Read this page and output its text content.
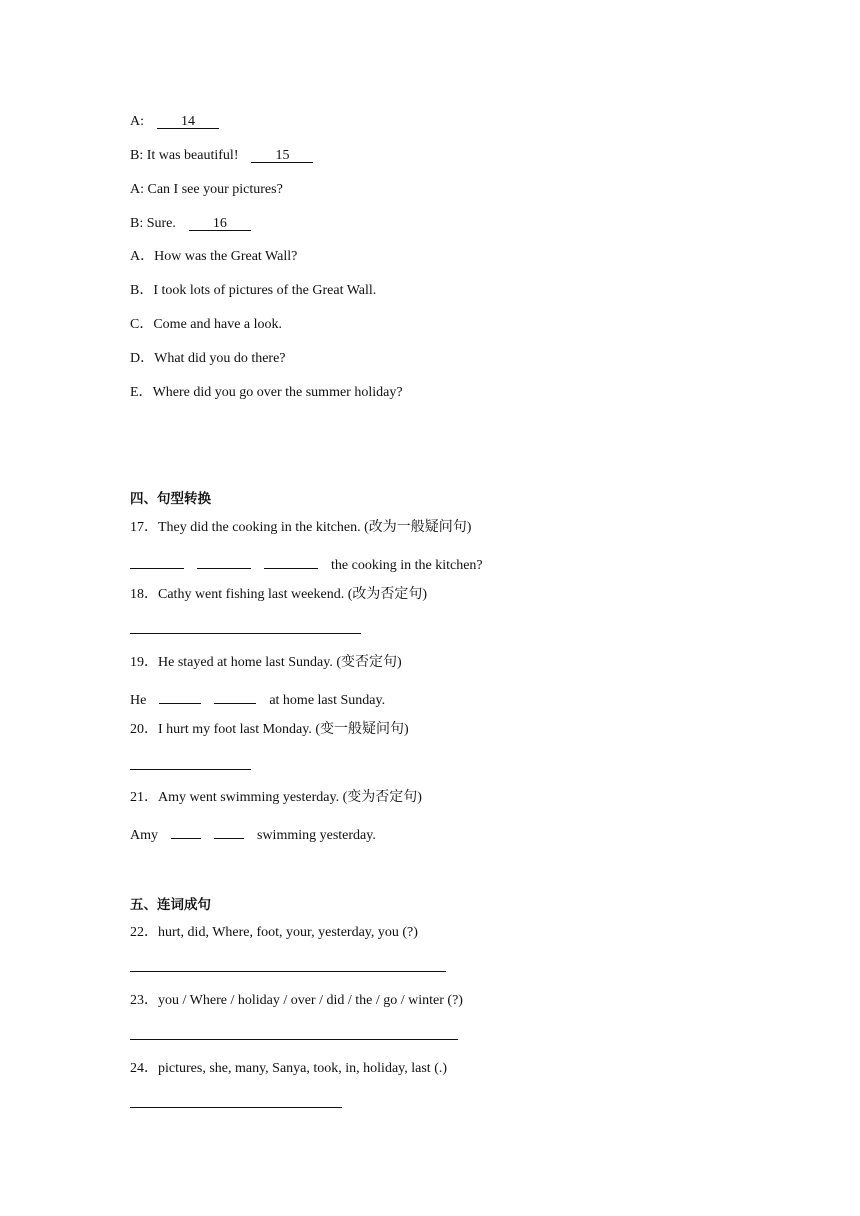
A:	14
B: It was beautiful!	15
A: Can I see your pictures?
B: Sure.	16
A．How was the Great Wall?
B．I took lots of pictures of the Great Wall.
C．Come and have a look.
D．What did you do there?
E．Where did you go over the summer holiday?
四、句型转换
17．They did the cooking in the kitchen. (改为一般疑问句)
the cooking in the kitchen?
18．Cathy went fishing last weekend. (改为否定句)
19．He stayed at home last Sunday. (变否定句)
He	at home last Sunday.
20．I hurt my foot last Monday. (变一般疑问句)
21．Amy went swimming yesterday. (变为否定句)
Amy	swimming yesterday.
五、连词成句
22．hurt, did, Where, foot, your, yesterday, you (?)
23．you / Where / holiday / over / did / the / go / winter (?)
24．pictures, she, many, Sanya, took, in, holiday, last (.)
